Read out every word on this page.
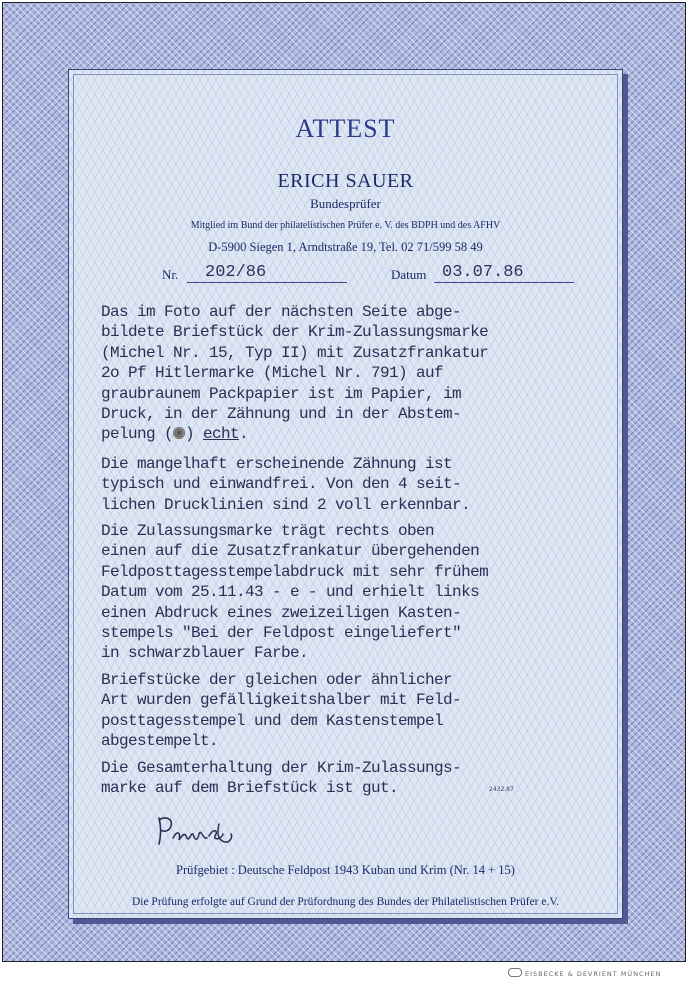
ATTEST
ERICH SAUER
Bundesprüfer
Mitglied im Bund der philatelistischen Prüfer e. V. des BDPH und des AFHV
D-5900 Siegen 1, Arndtstraße 19, Tel. 02 71/599 58 49
Nr. 202/86	Datum 03.07.86
Das im Foto auf der nächsten Seite abge-
bildete Briefstück der Krim-Zulassungsmarke
(Michel Nr. 15, Typ II) mit Zusatzfrankatur
2o Pf Hitlermarke (Michel Nr. 791) auf
graubraunem Packpapier ist im Papier, im
Druck, in der Zähnung und in der Abstem-
pelung ( ) echt.
Die mangelhaft erscheinende Zähnung ist
typisch und einwandfrei. Von den 4 seit-
lichen Drucklinien sind 2 voll erkennbar.
Die Zulassungsmarke trägt rechts oben
einen auf die Zusatzfrankatur übergehenden
Feldposttagesstempelabdruck mit sehr frühem
Datum vom 25.11.43 - e - und erhielt links
einen Abdruck eines zweizeiligen Kasten-
stempels "Bei der Feldpost eingeliefert"
in schwarzblauer Farbe.
Briefstücke der gleichen oder ähnlicher
Art wurden gefälligkeitshalber mit Feld-
posttagesstempel und dem Kastenstempel
abgestempelt.
Die Gesamterhaltung der Krim-Zulassungs-
marke auf dem Briefstück ist gut.	2432.87
Prüfgebiet : Deutsche Feldpost 1943 Kuban und Krim (Nr. 14 + 15)
Die Prüfung erfolgte auf Grund der Prüfordnung des Bundes der Philatelistischen Prüfer e.V.
EISBECKE & DEVRIENT MÜNCHEN
